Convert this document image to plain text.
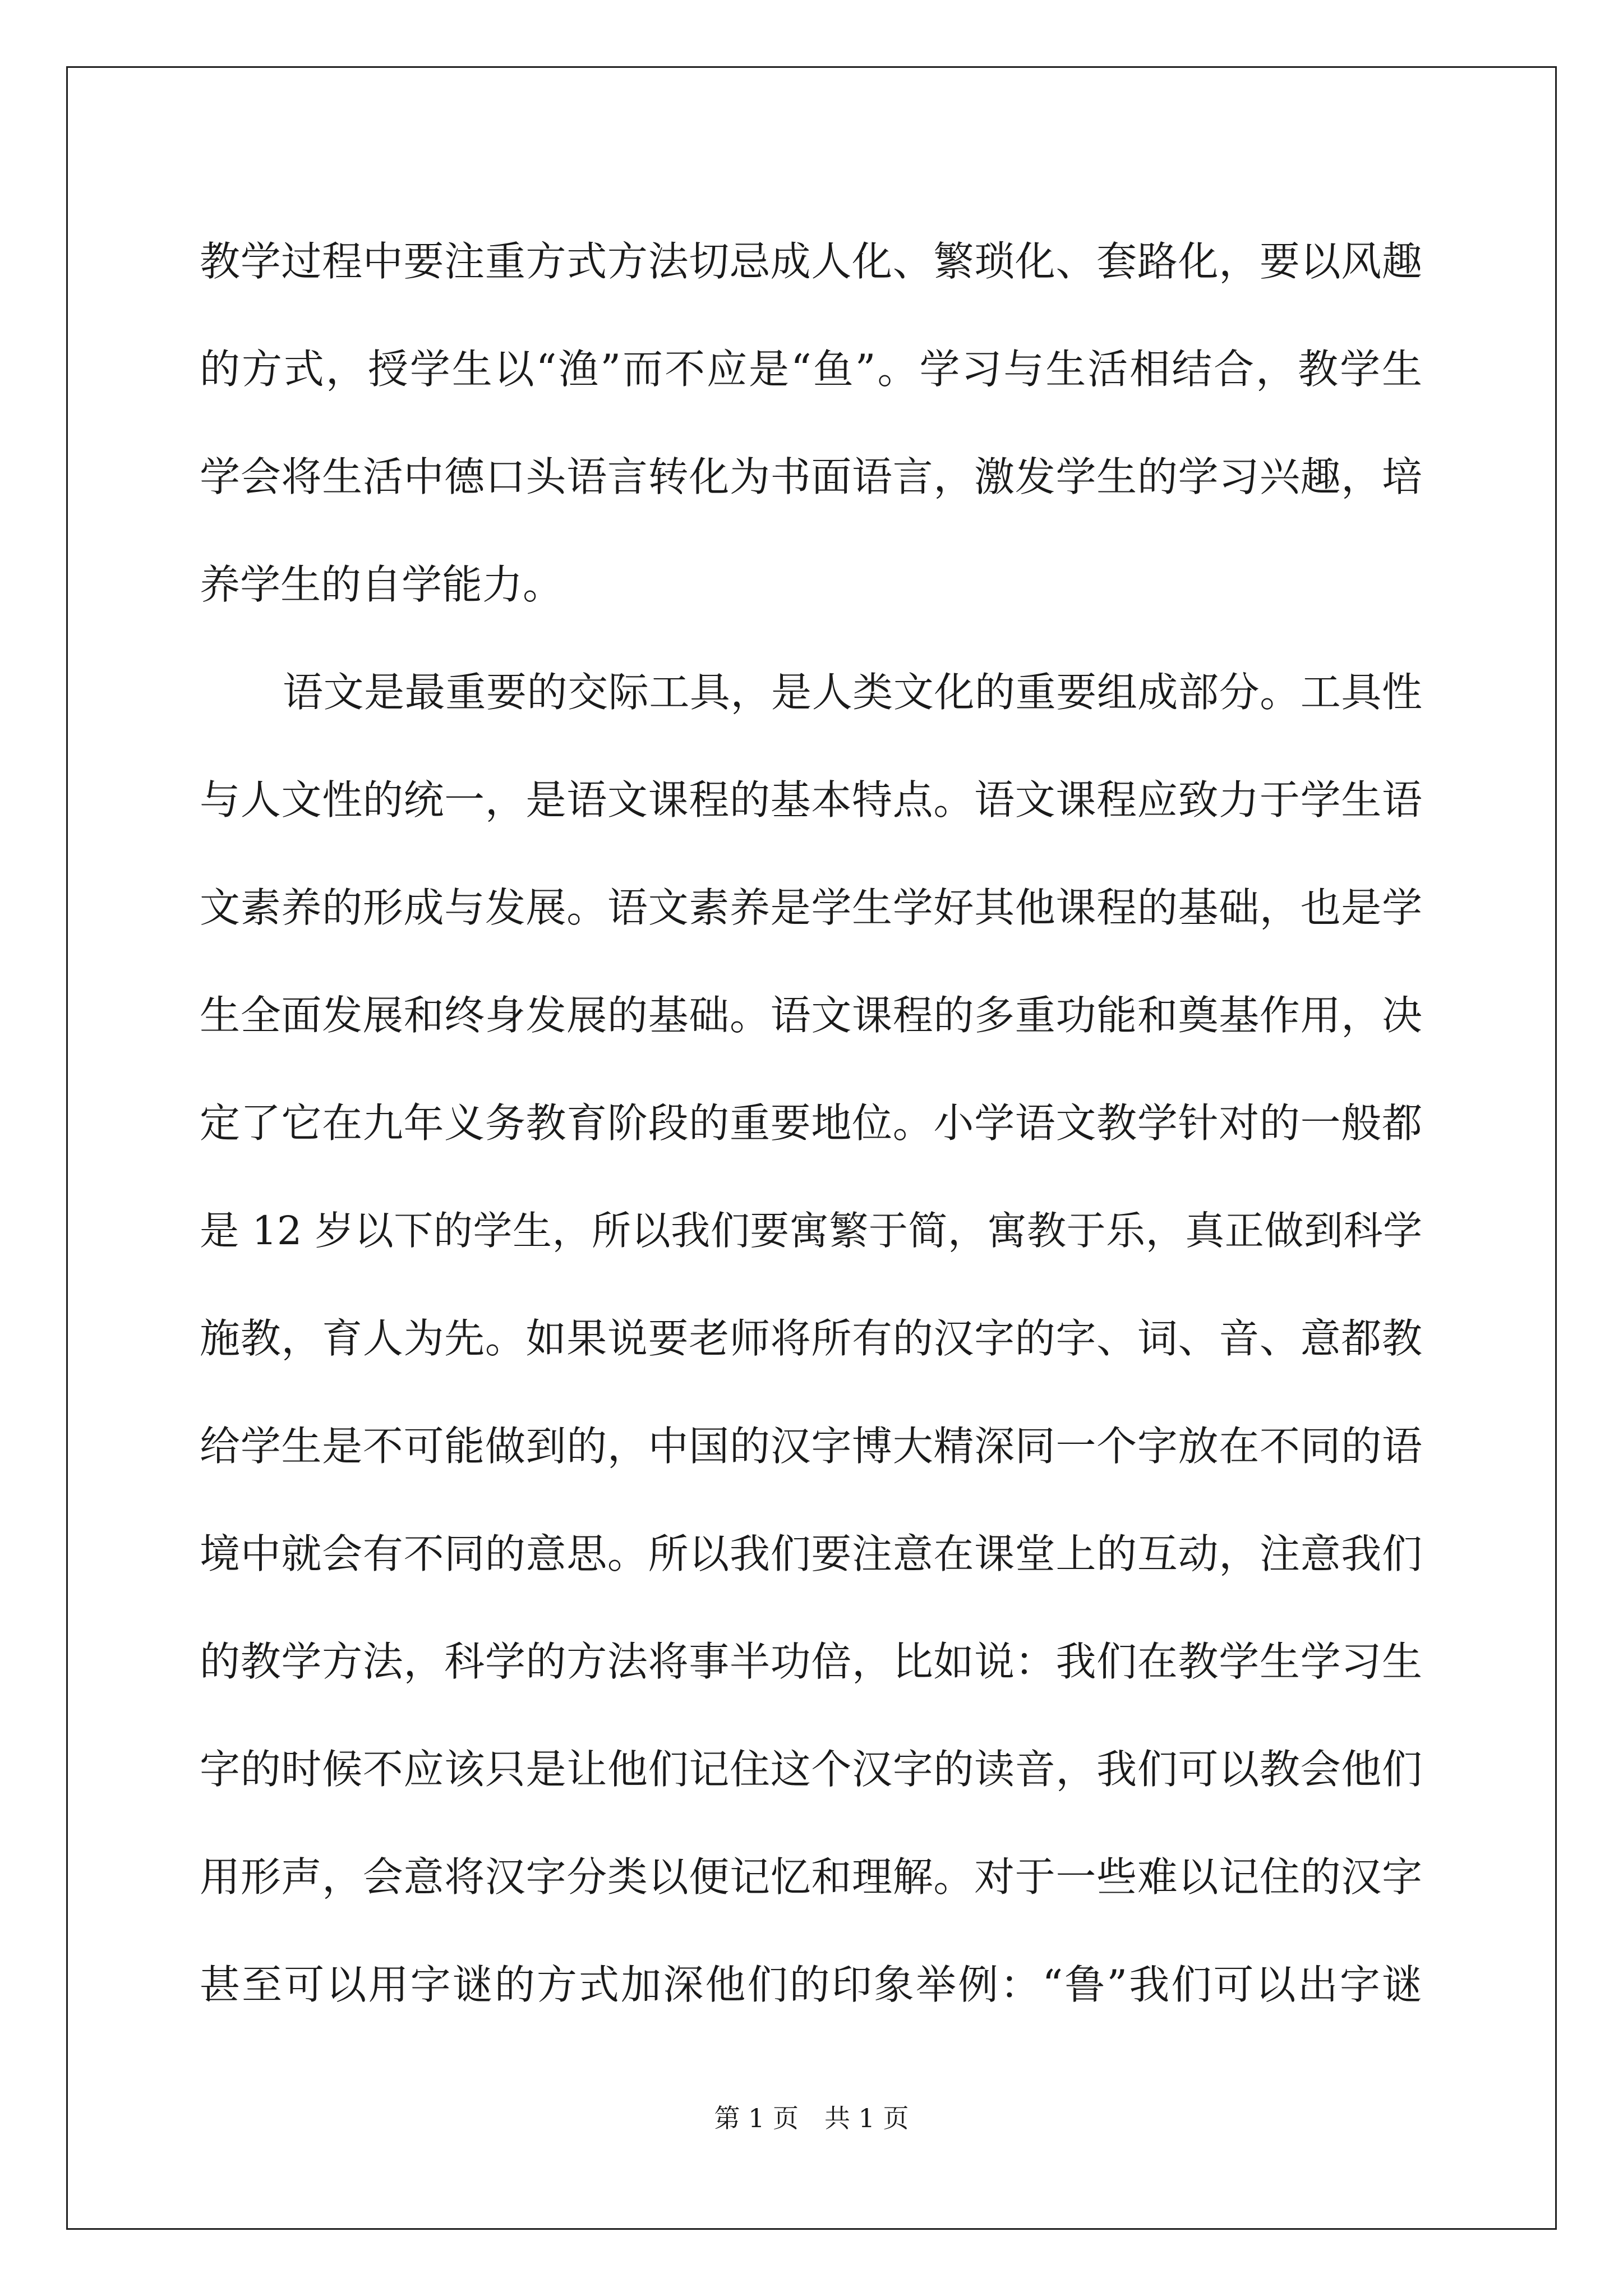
教学过程中要注重方式方法切忌成人化、繁琐化、套路化，要以风趣
的方式，授学生以“渔”而不应是“鱼”。学习与生活相结合，教学生
学会将生活中德口头语言转化为书面语言，激发学生的学习兴趣，培
养学生的自学能力。
语文是最重要的交际工具，是人类文化的重要组成部分。工具性
与人文性的统一，是语文课程的基本特点。语文课程应致力于学生语
文素养的形成与发展。语文素养是学生学好其他课程的基础，也是学
生全面发展和终身发展的基础。语文课程的多重功能和奠基作用，决
定了它在九年义务教育阶段的重要地位。小学语文教学针对的一般都
是 12 岁以下的学生，所以我们要寓繁于简，寓教于乐，真正做到科学
施教，育人为先。如果说要老师将所有的汉字的字、词、音、意都教
给学生是不可能做到的，中国的汉字博大精深同一个字放在不同的语
境中就会有不同的意思。所以我们要注意在课堂上的互动，注意我们
的教学方法，科学的方法将事半功倍，比如说：我们在教学生学习生
字的时候不应该只是让他们记住这个汉字的读音，我们可以教会他们
用形声，会意将汉字分类以便记忆和理解。对于一些难以记住的汉字
甚至可以用字谜的方式加深他们的印象举例：“鲁”我们可以出字谜
第 1 页　共 1 页
